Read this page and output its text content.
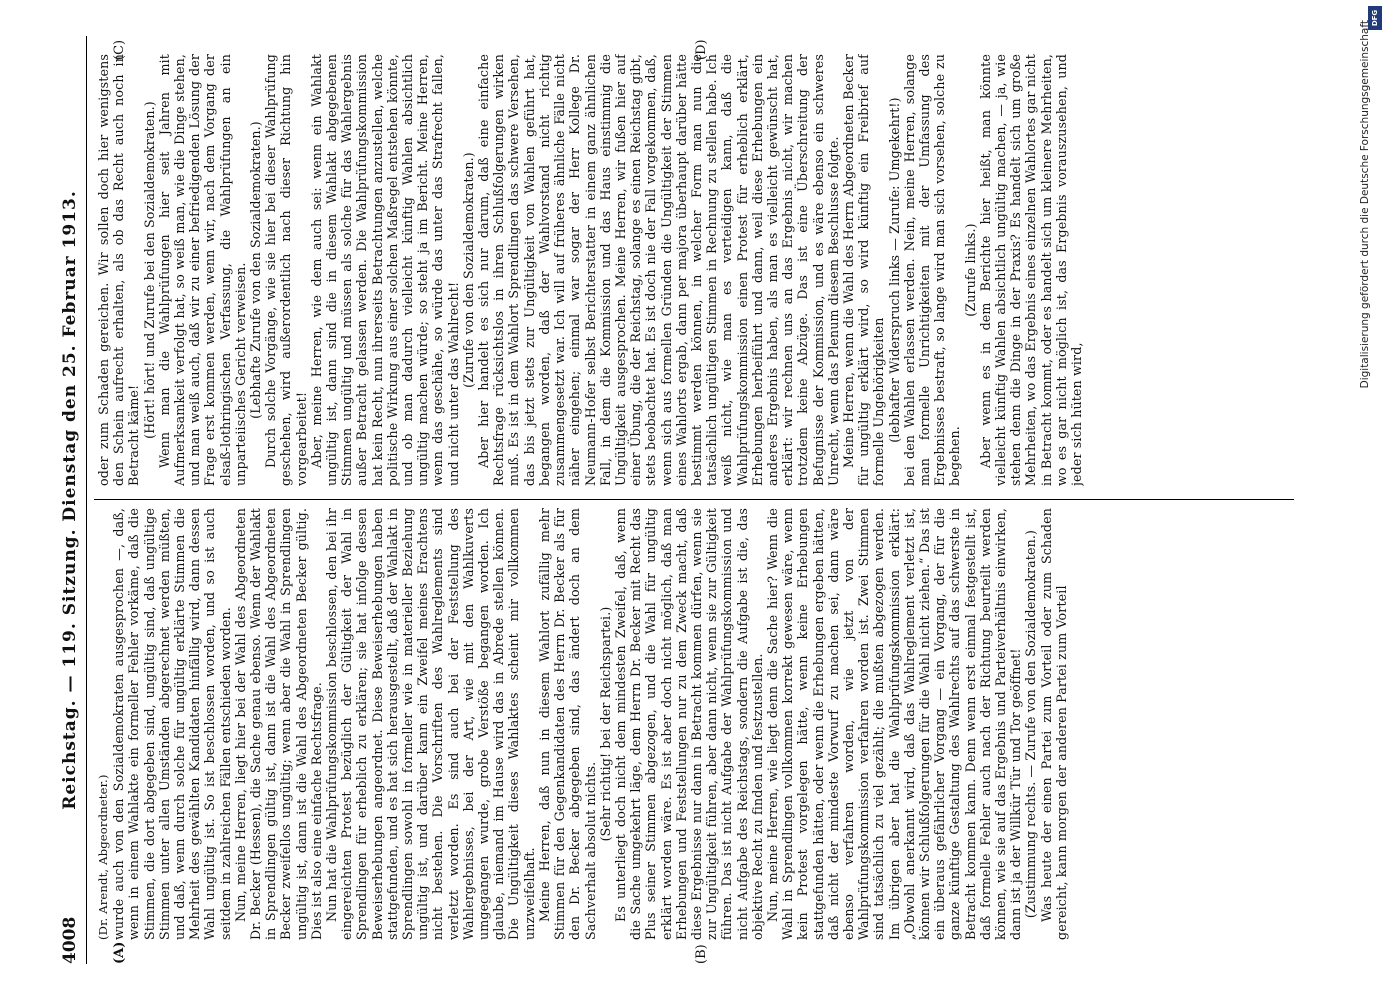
4008
Reichstag. — 119. Sitzung. Dienstag den 25. Februar 1913.
(A)	(B)
(C)	(D)

(Dr. Arendt, Abgeordneter.) wurde auch von den Sozialdemokraten ausgesprochen —, daß, wenn in einem Wahlakte ein formeller Fehler vorkäme, daß die Stimmen, die dort abgegeben sind, ungültig sind, daß ungültige Stimmen unter allen Umständen abgerechnet werden müßten, und daß, wenn durch solche für ungültig erklärte Stimmen die Mehrheit des gewählten Kandidaten hinfällig wird, dann dessen Wahl ungültig ist. So ist beschlossen worden, und so ist auch seitdem in zahlreichen Fällen entschieden worden. Nun, meine Herren, liegt hier bei der Wahl des Abgeordneten Dr. Becker (Hessen), die Sache genau ebenso. Wenn der Wahlakt in Sprendlingen gültig ist, dann ist die Wahl des Abgeordneten Becker zweifellos ungültig; wenn aber die Wahl in Sprendlingen ungültig ist, dann ist die Wahl des Abgeordneten Becker gültig. Dies ist also eine einfache Rechtsfrage. Nun hat die Wahlprüfungskommission beschlossen, den bei ihr eingereichten Protest bezüglich der Gültigkeit der Wahl in Sprendlingen für erheblich zu erklären; sie hat infolge dessen Beweiserhebungen angeordnet. Diese Beweiserhebungen haben stattgefunden, und es hat sich herausgestellt, daß der Wahlakt in Sprendlingen sowohl in formeller wie in materieller Beziehung ungültig ist, und darüber kann ein Zweifel meines Erachtens nicht bestehen. Die Vorschriften des Wahlreglements sind verletzt worden. Es sind auch bei der Feststellung des Wahlergebnisses, bei der Art, wie mit den Wahlkuverts umgegangen wurde, grobe Verstöße begangen worden. Ich glaube, niemand im Hause wird das in Abrede stellen können. Die Ungültigkeit dieses Wahlaktes scheint mir vollkommen unzweifelhaft. Meine Herren, daß nun in diesem Wahlort zufällig mehr Stimmen für den Gegenkandidaten des Herrn Dr. Becker als für den Dr. Becker abgegeben sind, das ändert doch an dem Sachverhalt absolut nichts.

(Sehr richtig! bei der Reichspartei.) Es unterliegt doch nicht dem mindesten Zweifel, daß, wenn die Sache umgekehrt läge, dem Herrn Dr. Becker mit Recht das Plus seiner Stimmen abgezogen, und die Wahl für ungültig erklärt worden wäre. Es ist aber doch nicht möglich, daß man Erhebungen und Feststellungen nur zu dem Zweck macht, daß diese Ergebnisse nur dann in Betracht kommen dürfen, wenn sie zur Ungültigkeit führen, aber dann nicht, wenn sie zur Gültigkeit führen. Das ist nicht Aufgabe der Wahlprüfungskommission und nicht Aufgabe des Reichstags, sondern die Aufgabe ist die, das objektive Recht zu finden und festzustellen. Nun, meine Herren, wie liegt denn die Sache hier? Wenn die Wahl in Sprendlingen vollkommen korrekt gewesen wäre, wenn kein Protest vorgelegen hätte, wenn keine Erhebungen stattgefunden hätten, oder wenn die Erhebungen ergeben hätten, daß nicht der mindeste Vorwurf zu machen sei, dann wäre ebenso verfahren worden, wie jetzt von der Wahlprüfungskommission verfahren worden ist. Zwei Stimmen sind tatsächlich zu viel gezählt; die mußten abgezogen werden. Im übrigen aber hat die Wahlprüfungskommission erklärt: „Obwohl anerkannt wird, daß das Wahlreglement verletzt ist, können wir Schlußfolgerungen für die Wahl nicht ziehen.“ Das ist ein überaus gefährlicher Vorgang — ein Vorgang, der für die ganze künftige Gestaltung des Wahlrechts auf das schwerste in Betracht kommen kann. Denn wenn erst einmal festgestellt ist, daß formelle Fehler auch nach der Richtung beurteilt werden können, wie sie auf das Ergebnis und Parteiverhältnis einwirken, dann ist ja der Willkür Tür und Tor geöffnet! (Zustimmung rechts. — Zurufe von den Sozialdemokraten.) Was heute der einen Partei zum Vorteil oder zum Schaden gereicht, kann morgen der anderen Partei zum Vorteil

oder zum Schaden gereichen. Wir sollen doch hier wenigstens den Schein aufrecht erhalten, als ob das Recht auch noch in Betracht käme! (Hört! hört! und Zurufe bei den Sozialdemokraten.) Wenn man die Wahlprüfungen hier seit Jahren mit Aufmerksamkeit verfolgt hat, so weiß man, wie die Dinge stehen, und man weiß auch, daß wir zu einer befriedigenden Lösung der Frage erst kommen werden, wenn wir, nach dem Vorgang der elsaß-lothringischen Verfassung, die Wahlprüfungen an ein unparteiisches Gericht verweisen. (Lebhafte Zurufe von den Sozialdemokraten.) Durch solche Vorgänge, wie sie hier bei dieser Wahlprüfung geschehen, wird außerordentlich nach dieser Richtung hin vorgearbeitet! Aber, meine Herren, wie dem auch sei: wenn ein Wahlakt ungültig ist, dann sind die in diesem Wahlakt abgegebenen Stimmen ungültig und müssen als solche für das Wahlergebnis außer Betracht gelassen werden. Die Wahlprüfungskommission hat kein Recht, nun ihrerseits Betrachtungen anzustellen, welche politische Wirkung aus einer solchen Maßregel entstehen könnte, und ob man dadurch vielleicht künftig Wahlen absichtlich ungültig machen würde; so steht ja im Bericht. Meine Herren, wenn das geschähe, so würde das unter das Strafrecht fallen, und nicht unter das Wahlrecht! (Zurufe von den Sozialdemokraten.) Aber hier handelt es sich nur darum, daß eine einfache Rechtsfrage rücksichtslos in ihren Schlußfolgerungen wirken muß. Es ist in dem Wahlort Sprendlingen das schwere Versehen, das bis jetzt stets zur Ungültigkeit von Wahlen geführt hat, begangen worden, daß der Wahlvorstand nicht richtig zusammengesetzt war. Ich will auf früheres ähnliche Fälle nicht näher eingehen; einmal war sogar der Herr Kollege Dr. Neumann-Hofer selbst Berichterstatter in einem ganz ähnlichen Fall, in dem die Kommission und das Haus einstimmig die Ungültigkeit ausgesprochen. Meine Herren, wir fußen hier auf einer Übung, die der Reichstag, solange es einen Reichstag gibt, stets beobachtet hat. Es ist doch nie der Fall vorgekommen, daß, wenn sich aus formellen Gründen die Ungültigkeit der Stimmen eines Wahlorts ergab, dann per majora überhaupt darüber hätte bestimmt werden können, in welcher Form man nun die tatsächlich ungültigen Stimmen in Rechnung zu stellen habe. Ich weiß nicht, wie man es verteidigen kann, daß die Wahlprüfungskommission einen Protest für erheblich erklärt, Erhebungen herbeiführt und dann, weil diese Erhebungen ein anderes Ergebnis haben, als man es vielleicht gewünscht hat, erklärt: wir rechnen uns an das Ergebnis nicht, wir machen trotzdem keine Abzüge. Das ist eine Überschreitung der Befugnisse der Kommission, und es wäre ebenso ein schweres Unrecht, wenn das Plenum diesem Beschlusse folgte. Meine Herren, wenn die Wahl des Herrn Abgeordneten Becker für ungültig erklärt wird, so wird künftig ein Freibrief auf formelle Ungehörigkeiten (lebhafter Widerspruch links — Zurufe: Umgekehrt!) bei den Wahlen erlassen werden. Nein, meine Herren, solange man formelle Unrichtigkeiten mit der Umfassung des Ergebnisses bestraft, so lange wird man sich vorsehen, solche zu begehen.

(Zurufe links.) Aber wenn es in dem Berichte hier heißt, man könnte vielleicht künftig Wahlen absichtlich ungültig machen, — ja, wie stehen denn die Dinge in der Praxis? Es handelt sich um große Mehrheiten, wo das Ergebnis eines einzelnen Wahlortes gar nicht in Betracht kommt, oder es handelt sich um kleinere Mehrheiten, wo es gar nicht möglich ist, das Ergebnis vorauszusehen, und jeder sich hüten wird,

DFG
Digitalisierung gefördert durch die Deutsche Forschungsgemeinschaft
